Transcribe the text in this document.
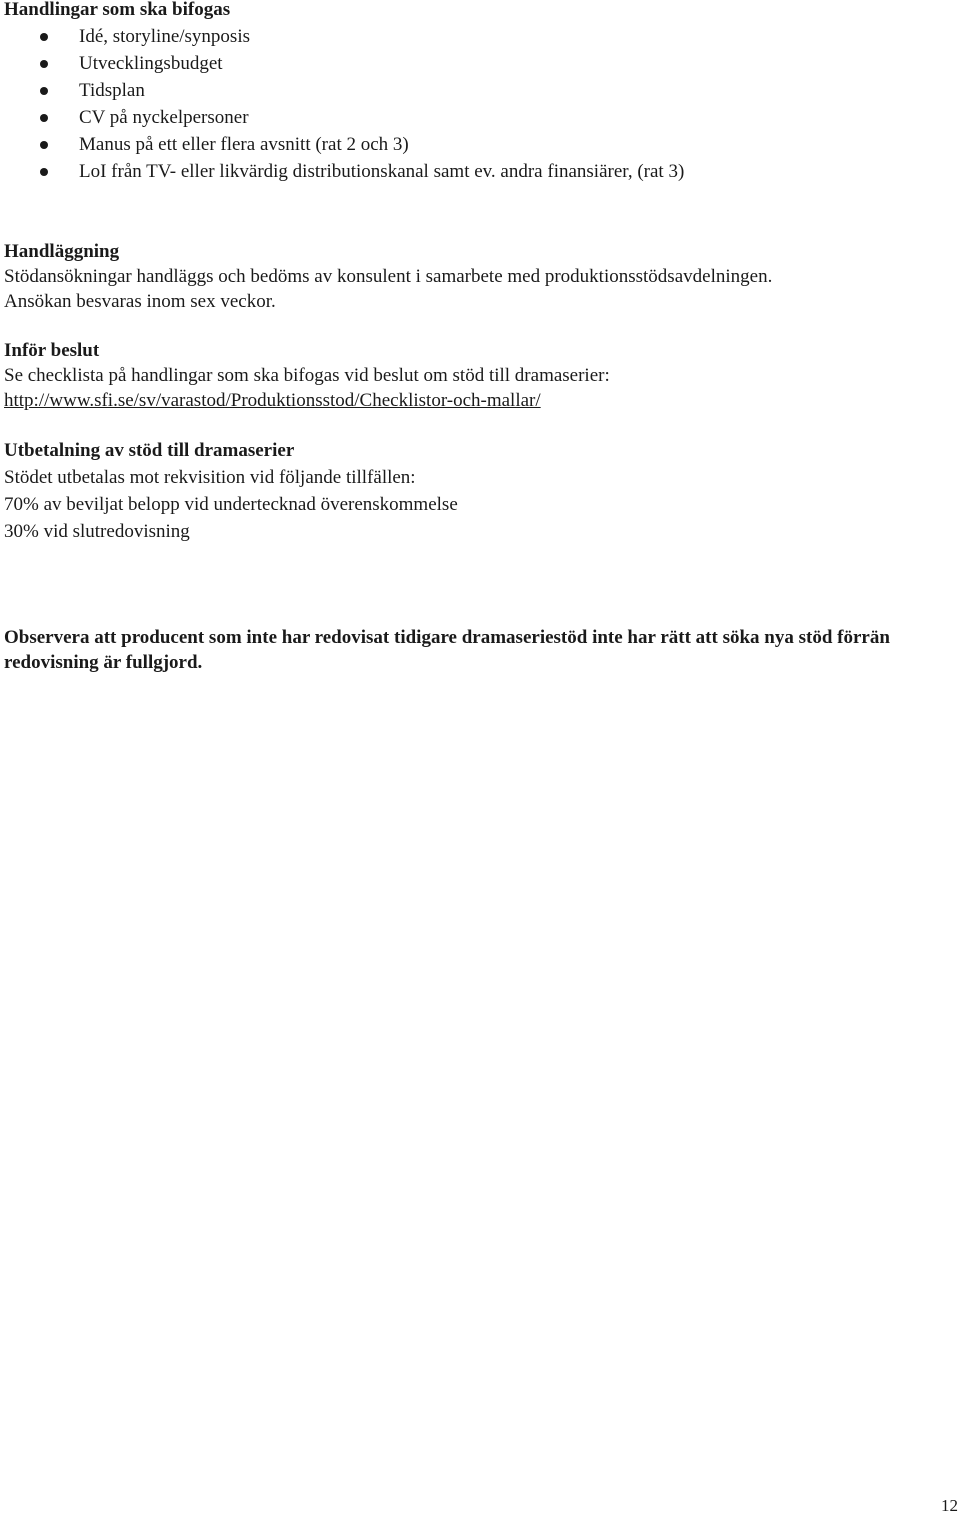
Handlingar som ska bifogas

Idé, storyline/synposis
Utvecklingsbudget
Tidsplan
CV på nyckelpersoner
Manus på ett eller flera avsnitt (rat 2 och 3)
LoI från TV- eller likvärdig distributionskanal samt ev. andra finansiärer, (rat 3)

Handläggning

Stödansökningar handläggs och bedöms av konsulent i samarbete med produktionsstödsavdelningen.

Ansökan besvaras inom sex veckor.

Inför beslut

Se checklista på handlingar som ska bifogas vid beslut om stöd till dramaserier:

http://www.sfi.se/sv/varastod/Produktionsstod/Checklistor-och-mallar/

Utbetalning av stöd till dramaserier

Stödet utbetalas mot rekvisition vid följande tillfällen:

70% av beviljat belopp vid undertecknad överenskommelse

30% vid slutredovisning

Observera att producent som inte har redovisat tidigare dramaseriestöd inte har rätt att söka nya stöd förrän redovisning är fullgjord.

12
